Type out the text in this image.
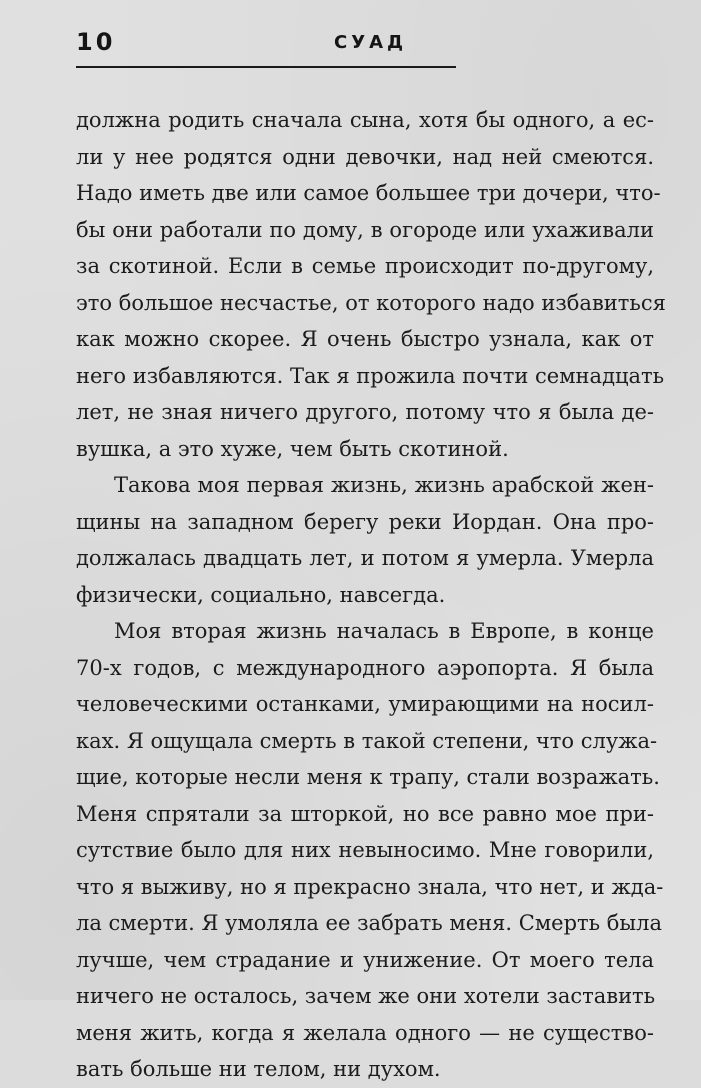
10	СУАД
должна родить сначала сына, хотя бы одного, а ес-
ли у нее родятся одни девочки, над ней смеются.
Надо иметь две или самое большее три дочери, что-
бы они работали по дому, в огороде или ухаживали
за скотиной. Если в семье происходит по-другому,
это большое несчастье, от которого надо избавиться
как можно скорее. Я очень быстро узнала, как от
него избавляются. Так я прожила почти семнадцать
лет, не зная ничего другого, потому что я была де-
вушка, а это хуже, чем быть скотиной.
Такова моя первая жизнь, жизнь арабской жен-
щины на западном берегу реки Иордан. Она про-
должалась двадцать лет, и потом я умерла. Умерла
физически, социально, навсегда.
Моя вторая жизнь началась в Европе, в конце
70-х годов, с международного аэропорта. Я была
человеческими останками, умирающими на носил-
ках. Я ощущала смерть в такой степени, что служа-
щие, которые несли меня к трапу, стали возражать.
Меня спрятали за шторкой, но все равно мое при-
сутствие было для них невыносимо. Мне говорили,
что я выживу, но я прекрасно знала, что нет, и жда-
ла смерти. Я умоляла ее забрать меня. Смерть была
лучше, чем страдание и унижение. От моего тела
ничего не осталось, зачем же они хотели заставить
меня жить, когда я желала одного — не существо-
вать больше ни телом, ни духом.
